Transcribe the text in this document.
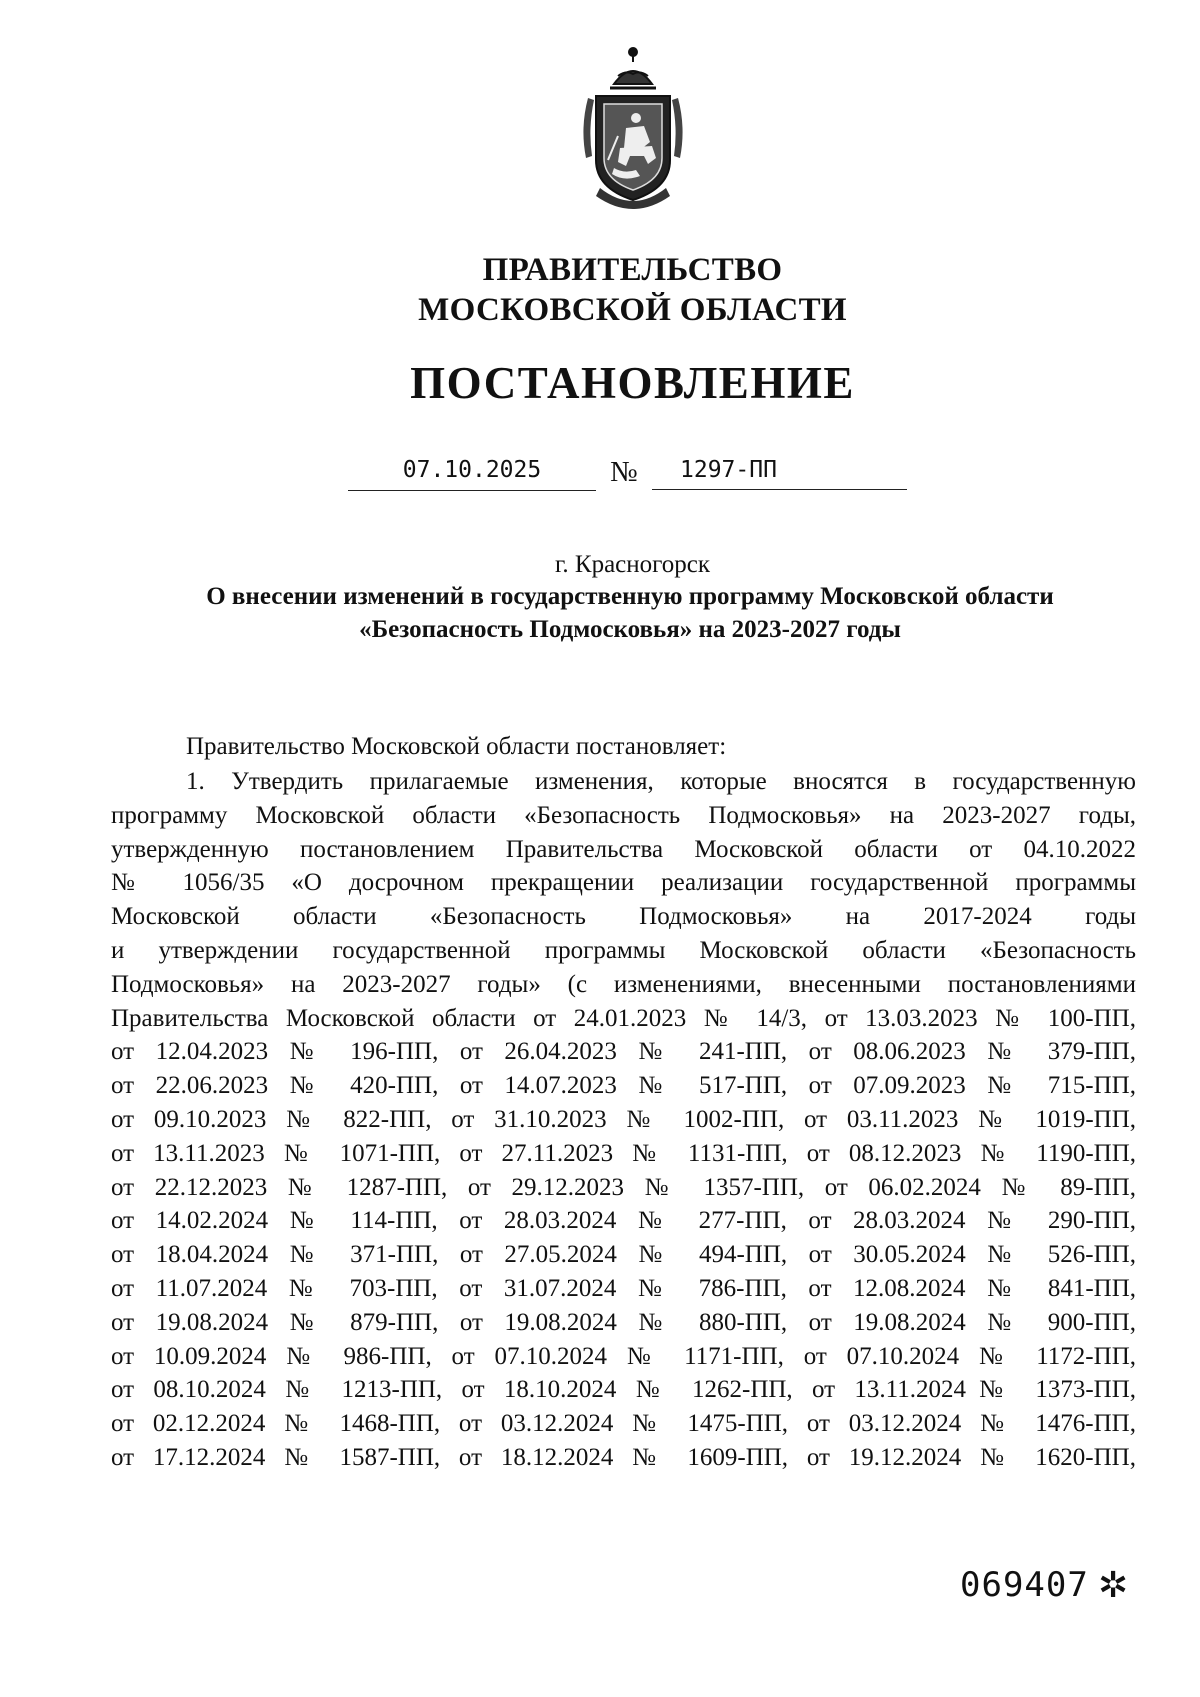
ПРАВИТЕЛЬСТВО
МОСКОВСКОЙ ОБЛАСТИ
ПОСТАНОВЛЕНИЕ
07.10.2025	№	1297-ПП
г. Красногорск
О внесении изменений в государственную программу Московской области
«Безопасность Подмосковья» на 2023-2027 годы
Правительство Московской области постановляет:
1. Утвердить прилагаемые изменения, которые вносятся в государственную
программу Московской области «Безопасность Подмосковья» на 2023-2027 годы,
утвержденную постановлением Правительства Московской области от 04.10.2022
№ 1056/35 «О досрочном прекращении реализации государственной программы
Московской области «Безопасность Подмосковья» на 2017-2024 годы
и утверждении государственной программы Московской области «Безопасность
Подмосковья» на 2023-2027 годы» (с изменениями, внесенными постановлениями
Правительства Московской области от 24.01.2023 № 14/3, от 13.03.2023 № 100-ПП,
от 12.04.2023 № 196-ПП, от 26.04.2023 № 241-ПП, от 08.06.2023 № 379-ПП,
от 22.06.2023 № 420-ПП, от 14.07.2023 № 517-ПП, от 07.09.2023 № 715-ПП,
от 09.10.2023 № 822-ПП, от 31.10.2023 № 1002-ПП, от 03.11.2023 № 1019-ПП,
от 13.11.2023 № 1071-ПП, от 27.11.2023 № 1131-ПП, от 08.12.2023 № 1190-ПП,
от 22.12.2023 № 1287-ПП, от 29.12.2023 № 1357-ПП, от 06.02.2024 № 89-ПП,
от 14.02.2024 № 114-ПП, от 28.03.2024 № 277-ПП, от 28.03.2024 № 290-ПП,
от 18.04.2024 № 371-ПП, от 27.05.2024 № 494-ПП, от 30.05.2024 № 526-ПП,
от 11.07.2024 № 703-ПП, от 31.07.2024 № 786-ПП, от 12.08.2024 № 841-ПП,
от 19.08.2024 № 879-ПП, от 19.08.2024 № 880-ПП, от 19.08.2024 № 900-ПП,
от 10.09.2024 № 986-ПП, от 07.10.2024 № 1171-ПП, от 07.10.2024 № 1172-ПП,
от 08.10.2024 № 1213-ПП, от 18.10.2024 № 1262-ПП, от 13.11.2024№ 1373-ПП,
от 02.12.2024 № 1468-ПП, от 03.12.2024 № 1475-ПП, от 03.12.2024 № 1476-ПП,
от 17.12.2024 № 1587-ПП, от 18.12.2024 № 1609-ПП, от 19.12.2024 № 1620-ПП,
069407 ✲
